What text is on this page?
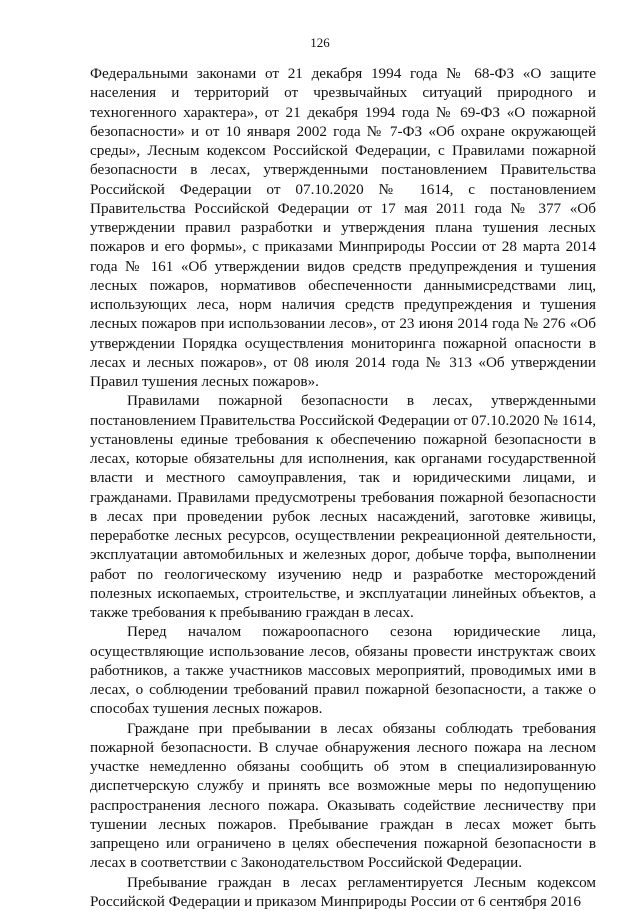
126

Федеральными законами от 21 декабря 1994 года № 68-ФЗ «О защите населения и территорий от чрезвычайных ситуаций природного и техногенного характера», от 21 декабря 1994 года № 69-ФЗ «О пожарной безопасности» и от 10 января 2002 года № 7-ФЗ «Об охране окружающей среды», Лесным кодексом Российской Федерации, с Правилами пожарной безопасности в лесах, утвержденными постановлением Правительства Российской Федерации от 07.10.2020 № 1614, с постановлением Правительства Российской Федерации от 17 мая 2011 года № 377 «Об утверждении правил разработки и утверждения плана тушения лесных пожаров и его формы», с приказами Минприроды России от 28 марта 2014 года № 161 «Об утверждении видов средств предупреждения и тушения лесных пожаров, нормативов обеспеченности даннымисредствами лиц, использующих леса, норм наличия средств предупреждения и тушения лесных пожаров при использовании лесов», от 23 июня 2014 года № 276 «Об утверждении Порядка осуществления мониторинга пожарной опасности в лесах и лесных пожаров», от 08 июля 2014 года № 313 «Об утверждении Правил тушения лесных пожаров».

Правилами пожарной безопасности в лесах, утвержденными постановлением Правительства Российской Федерации от 07.10.2020 № 1614, установлены единые требования к обеспечению пожарной безопасности в лесах, которые обязательны для исполнения, как органами государственной власти и местного самоуправления, так и юридическими лицами, и гражданами. Правилами предусмотрены требования пожарной безопасности в лесах при проведении рубок лесных насаждений, заготовке живицы, переработке лесных ресурсов, осуществлении рекреационной деятельности, эксплуатации автомобильных и железных дорог, добыче торфа, выполнении работ по геологическому изучению недр и разработке месторождений полезных ископаемых, строительстве, и эксплуатации линейных объектов, а также требования к пребыванию граждан в лесах.

Перед началом пожароопасного сезона юридические лица, осуществляющие использование лесов, обязаны провести инструктаж своих работников, а также участников массовых мероприятий, проводимых ими в лесах, о соблюдении требований правил пожарной безопасности, а также о способах тушения лесных пожаров.

Граждане при пребывании в лесах обязаны соблюдать требования пожарной безопасности. В случае обнаружения лесного пожара на лесном участке немедленно обязаны сообщить об этом в специализированную диспетчерскую службу и принять все возможные меры по недопущению распространения лесного пожара. Оказывать содействие лесничеству при тушении лесных пожаров. Пребывание граждан в лесах может быть запрещено или ограничено в целях обеспечения пожарной безопасности в лесах в соответствии с Законодательством Российской Федерации.

Пребывание граждан в лесах регламентируется Лесным кодексом Российской Федерации и приказом Минприроды России от 6 сентября 2016
